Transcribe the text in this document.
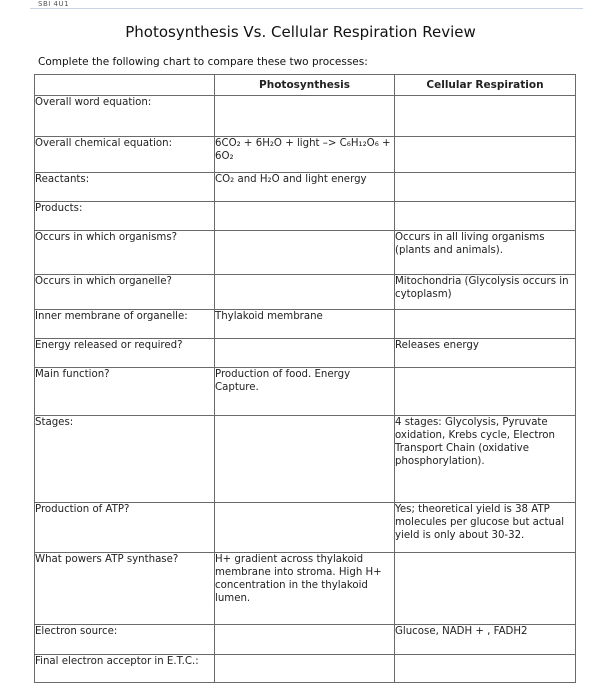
SBI 4U1
Photosynthesis Vs. Cellular Respiration Review
Complete the following chart to compare these two processes:
	Photosynthesis	Cellular Respiration
Overall word equation:		
Overall chemical equation:	6CO₂ + 6H₂O + light –> C₆H₁₂O₆ + 6O₂	
Reactants:	CO₂ and H₂O and light energy	
Products:		
Occurs in which organisms?		Occurs in all living organisms (plants and animals).
Occurs in which organelle?		Mitochondria (Glycolysis occurs in cytoplasm)
Inner membrane of organelle:	Thylakoid membrane	
Energy released or required?		Releases energy
Main function?	Production of food. Energy Capture.	
Stages:		4 stages: Glycolysis, Pyruvate oxidation, Krebs cycle, Electron Transport Chain (oxidative phosphorylation).
Production of ATP?		Yes; theoretical yield is 38 ATP molecules per glucose but actual yield is only about 30-32.
What powers ATP synthase?	H+ gradient across thylakoid membrane into stroma. High H+ concentration in the thylakoid lumen.	
Electron source:		Glucose, NADH + , FADH2
Final electron acceptor in E.T.C.:		
